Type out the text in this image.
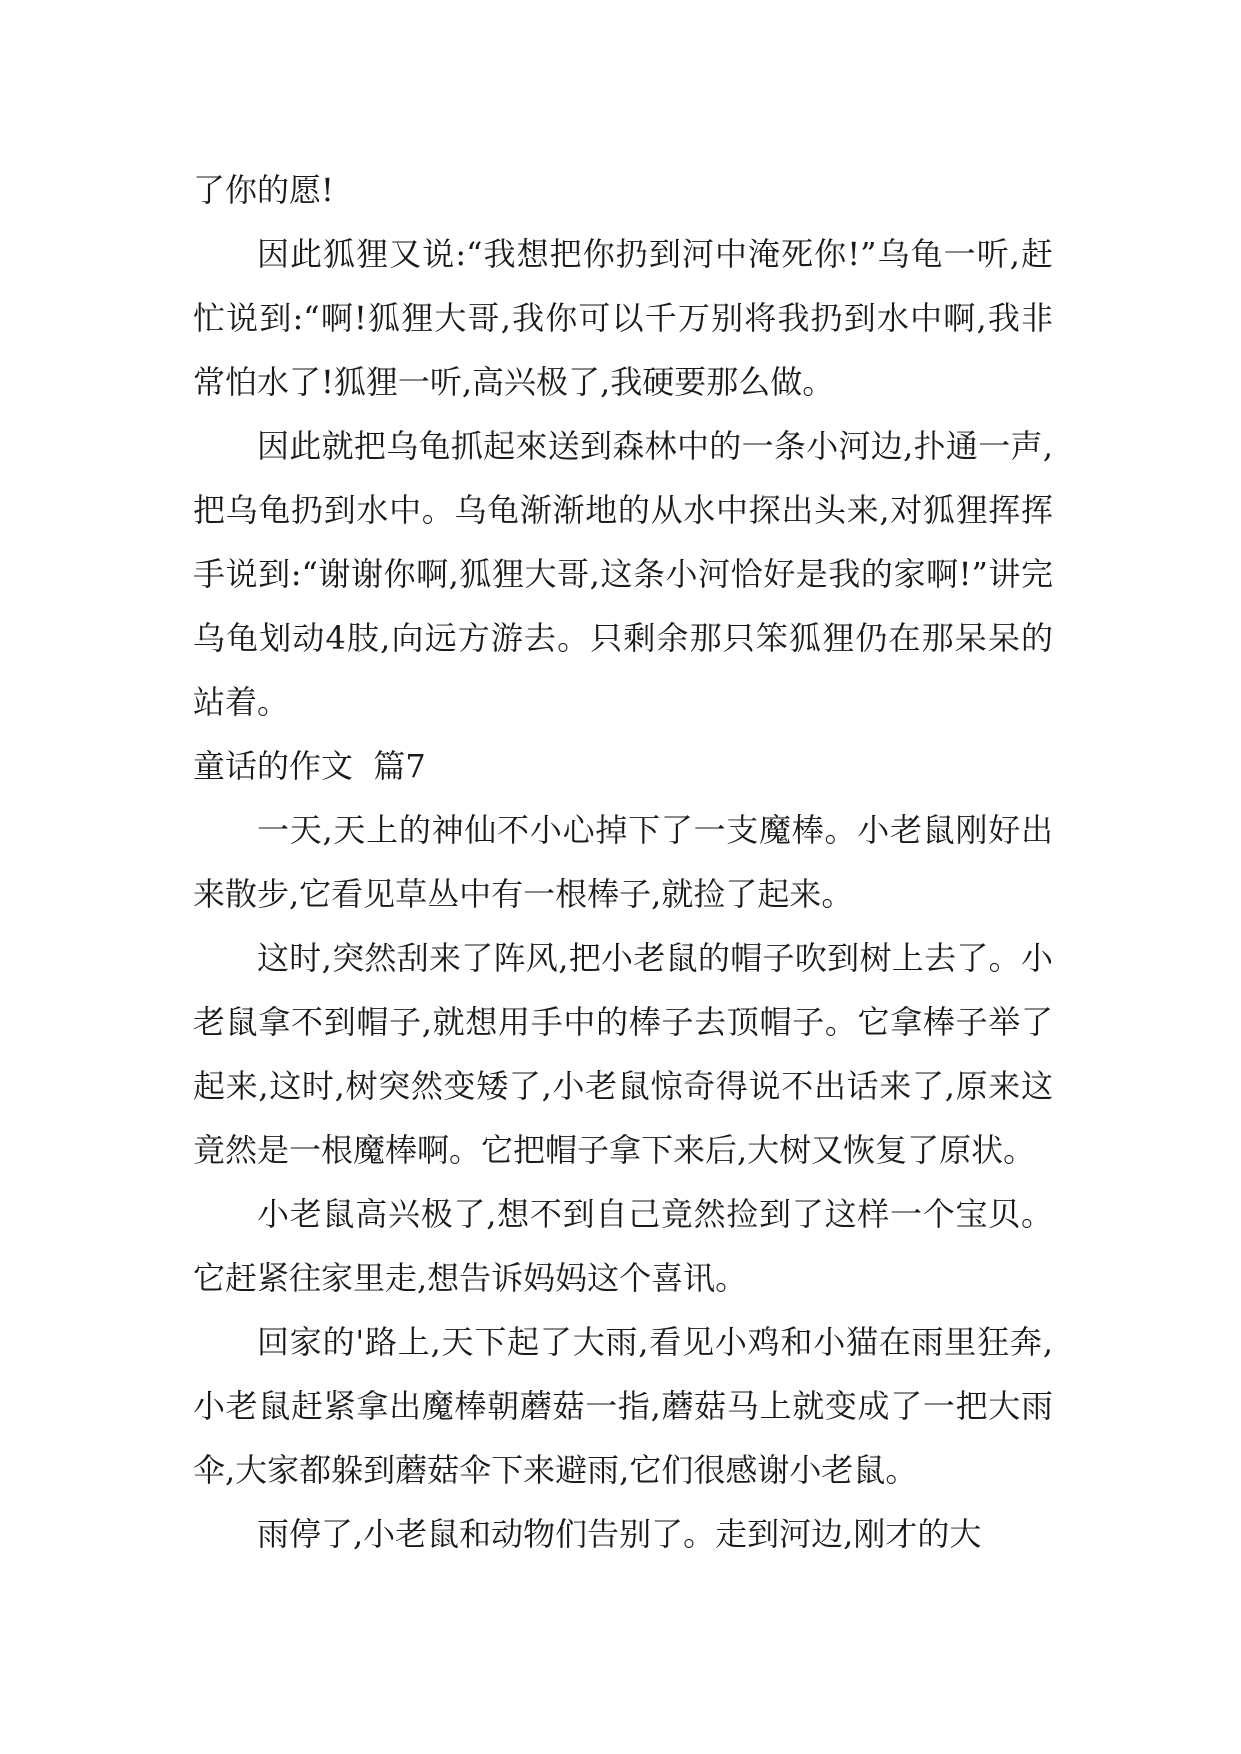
了你的愿!

因此狐狸又说:“我想把你扔到河中淹死你!”乌龟一听,赶忙说到:“啊!狐狸大哥,我你可以千万别将我扔到水中啊,我非常怕水了!狐狸一听,高兴极了,我硬要那么做。

因此就把乌龟抓起來送到森林中的一条小河边,扑通一声,把乌龟扔到水中。乌龟渐渐地的从水中探出头来,对狐狸挥挥手说到:“谢谢你啊,狐狸大哥,这条小河恰好是我的家啊!”讲完乌龟划动4肢,向远方游去。只剩余那只笨狐狸仍在那呆呆的站着。

童话的作文  篇7

一天,天上的神仙不小心掉下了一支魔棒。小老鼠刚好出来散步,它看见草丛中有一根棒子,就捡了起来。

这时,突然刮来了阵风,把小老鼠的帽子吹到树上去了。小老鼠拿不到帽子,就想用手中的棒子去顶帽子。它拿棒子举了起来,这时,树突然变矮了,小老鼠惊奇得说不出话来了,原来这竟然是一根魔棒啊。它把帽子拿下来后,大树又恢复了原状。

小老鼠高兴极了,想不到自己竟然捡到了这样一个宝贝。它赶紧往家里走,想告诉妈妈这个喜讯。

回家的'路上,天下起了大雨,看见小鸡和小猫在雨里狂奔,小老鼠赶紧拿出魔棒朝蘑菇一指,蘑菇马上就变成了一把大雨伞,大家都躲到蘑菇伞下来避雨,它们很感谢小老鼠。

雨停了,小老鼠和动物们告别了。走到河边,刚才的大
